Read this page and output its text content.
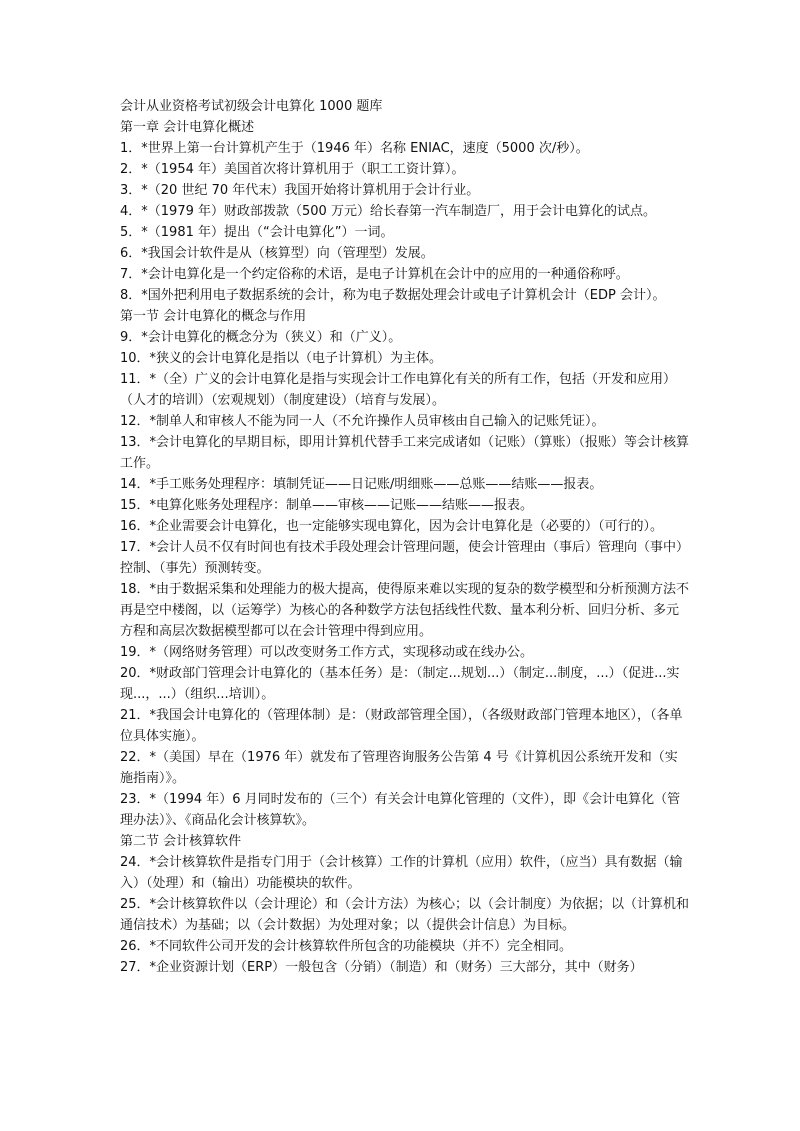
会计从业资格考试初级会计电算化 1000 题库

第一章 会计电算化概述

1．*世界上第一台计算机产生于（1946 年）名称 ENIAC，速度（5000 次/秒）。

2．*（1954 年）美国首次将计算机用于（职工工资计算）。

3．*（20 世纪 70 年代末）我国开始将计算机用于会计行业。

4．*（1979 年）财政部拨款（500 万元）给长春第一汽车制造厂，用于会计电算化的试点。

5．*（1981 年）提出（“会计电算化”）一词。

6．*我国会计软件是从（核算型）向（管理型）发展。

7．*会计电算化是一个约定俗称的术语，是电子计算机在会计中的应用的一种通俗称呼。

8．*国外把利用电子数据系统的会计，称为电子数据处理会计或电子计算机会计（EDP 会计）。

第一节 会计电算化的概念与作用

9．*会计电算化的概念分为（狭义）和（广义）。

10．*狭义的会计电算化是指以（电子计算机）为主体。

11．*（全）广义的会计电算化是指与实现会计工作电算化有关的所有工作，包括（开发和应用）（人才的培训）（宏观规划）（制度建设）（培育与发展）。

12．*制单人和审核人不能为同一人（不允许操作人员审核由自己输入的记账凭证）。

13．*会计电算化的早期目标，即用计算机代替手工来完成诸如（记账）（算账）（报账）等会计核算工作。

14．*手工账务处理程序：填制凭证——日记账/明细账——总账——结账——报表。

15．*电算化账务处理程序：制单——审核——记账——结账——报表。

16．*企业需要会计电算化，也一定能够实现电算化，因为会计电算化是（必要的）（可行的）。

17．*会计人员不仅有时间也有技术手段处理会计管理问题，使会计管理由（事后）管理向（事中）控制、（事先）预测转变。

18．*由于数据采集和处理能力的极大提高，使得原来难以实现的复杂的数学模型和分析预测方法不再是空中楼阁，以（运筹学）为核心的各种数学方法包括线性代数、量本利分析、回归分析、多元方程和高层次数据模型都可以在会计管理中得到应用。

19．*（网络财务管理）可以改变财务工作方式，实现移动或在线办公。

20．*财政部门管理会计电算化的（基本任务）是：（制定...规划...）（制定...制度，...）（促进...实现...，...）（组织...培训）。

21．*我国会计电算化的（管理体制）是：（财政部管理全国），（各级财政部门管理本地区），（各单位具体实施）。

22．*（美国）早在（1976 年）就发布了管理咨询服务公告第 4 号《计算机因公系统开发和（实施指南）》。

23．*（1994 年）6 月同时发布的（三个）有关会计电算化管理的（文件），即《会计电算化（管理办法）》、《商品化会计核算软》。

第二节 会计核算软件

24．*会计核算软件是指专门用于（会计核算）工作的计算机（应用）软件，（应当）具有数据（输入）（处理）和（输出）功能模块的软件。

25．*会计核算软件以（会计理论）和（会计方法）为核心；以（会计制度）为依据；以（计算机和通信技术）为基础；以（会计数据）为处理对象；以（提供会计信息）为目标。

26．*不同软件公司开发的会计核算软件所包含的功能模块（并不）完全相同。

27．*企业资源计划（ERP）一般包含（分销）（制造）和（财务）三大部分，其中（财务）
